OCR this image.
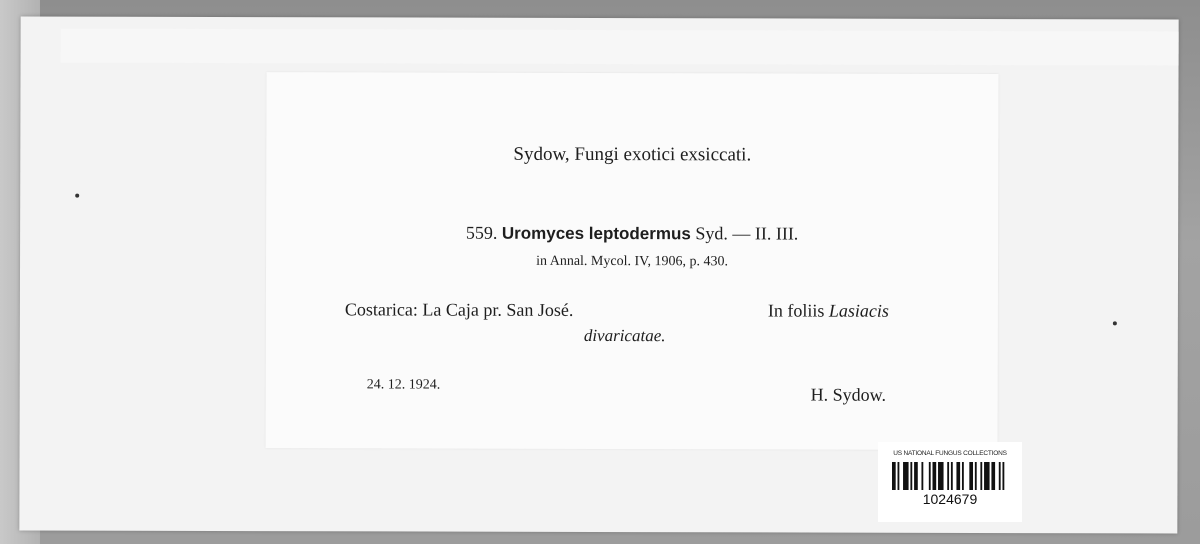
Sydow, Fungi exotici exsiccati.
559. Uromyces leptodermus Syd. — II. III.
in Annal. Mycol. IV, 1906, p. 430.
Costarica: La Caja pr. San José.	In foliis Lasiacis
divaricatae.
24. 12. 1924.	H. Sydow.
US NATIONAL FUNGUS COLLECTIONS
1024679
